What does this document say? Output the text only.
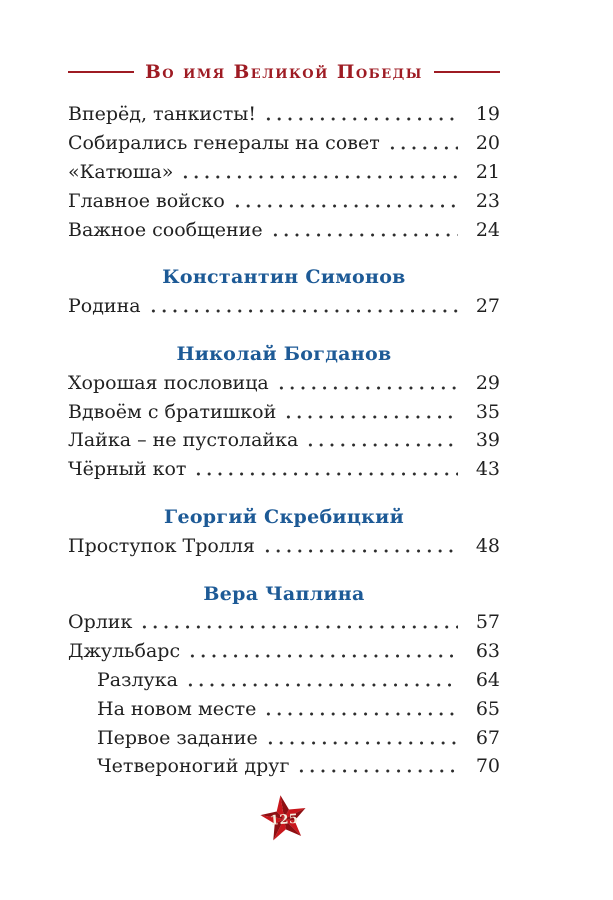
Во имя Великой Победы
Вперёд, танкисты!	19
Собирались генералы на совет	20
«Катюша»	21
Главное войско	23
Важное сообщение	24
Константин Симонов
Родина	27
Николай Богданов
Хорошая пословица	29
Вдвоём с братишкой	35
Лайка – не пустолайка	39
Чёрный кот	43
Георгий Скребицкий
Проступок Тролля	48
Вера Чаплина
Орлик	57
Джульбарс	63
Разлука	64
На новом месте	65
Первое задание	67
Четвероногий друг	70
125
